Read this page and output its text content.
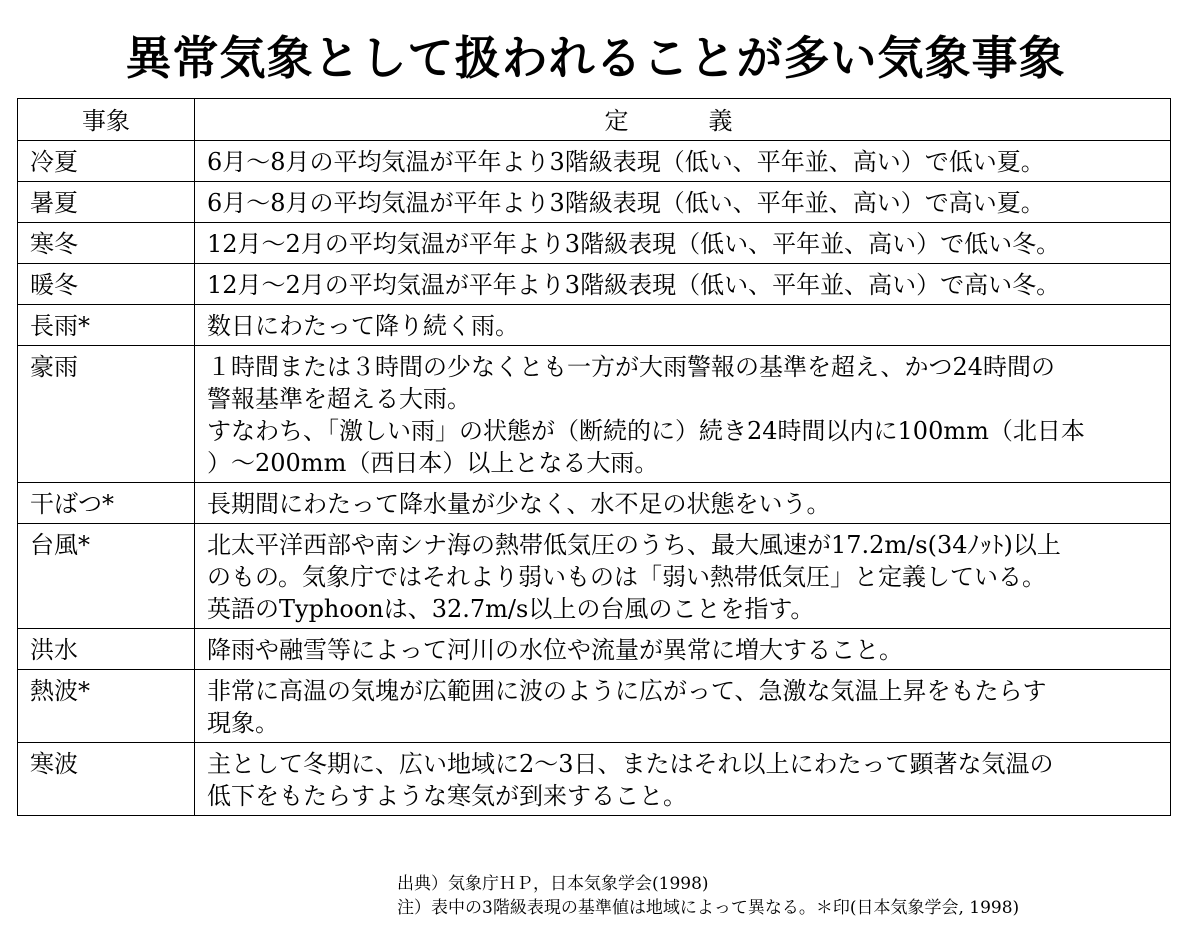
異常気象として扱われることが多い気象事象
事象	定　義
冷夏	6月～8月の平均気温が平年より3階級表現（低い、平年並、高い）で低い夏。

暑夏	6月～8月の平均気温が平年より3階級表現（低い、平年並、高い）で高い夏。

寒冬	12月～2月の平均気温が平年より3階級表現（低い、平年並、高い）で低い冬。

暖冬	12月～2月の平均気温が平年より3階級表現（低い、平年並、高い）で高い冬。

長雨*	数日にわたって降り続く雨。

豪雨	１時間または３時間の少なくとも一方が大雨警報の基準を超え、かつ24時間の
警報基準を超える大雨。
すなわち、「激しい雨」の状態が（断続的に）続き24時間以内に100mm（北日本
）～200mm（西日本）以上となる大雨。

干ばつ*	長期間にわたって降水量が少なく、水不足の状態をいう。

台風*	北太平洋西部や南シナ海の熱帯低気圧のうち、最大風速が17.2m/s(34ﾉｯﾄ)以上
のもの。気象庁ではそれより弱いものは「弱い熱帯低気圧」と定義している。
英語のTyphoonは、32.7m/s以上の台風のことを指す。

洪水	降雨や融雪等によって河川の水位や流量が異常に増大すること。

熱波*	非常に高温の気塊が広範囲に波のように広がって、急激な気温上昇をもたらす
現象。

寒波	主として冬期に、広い地域に2～3日、またはそれ以上にわたって顕著な気温の
低下をもたらすような寒気が到来すること。
出典）気象庁ＨＰ，日本気象学会(1998)
注）表中の3階級表現の基準値は地域によって異なる。＊印(日本気象学会, 1998)
